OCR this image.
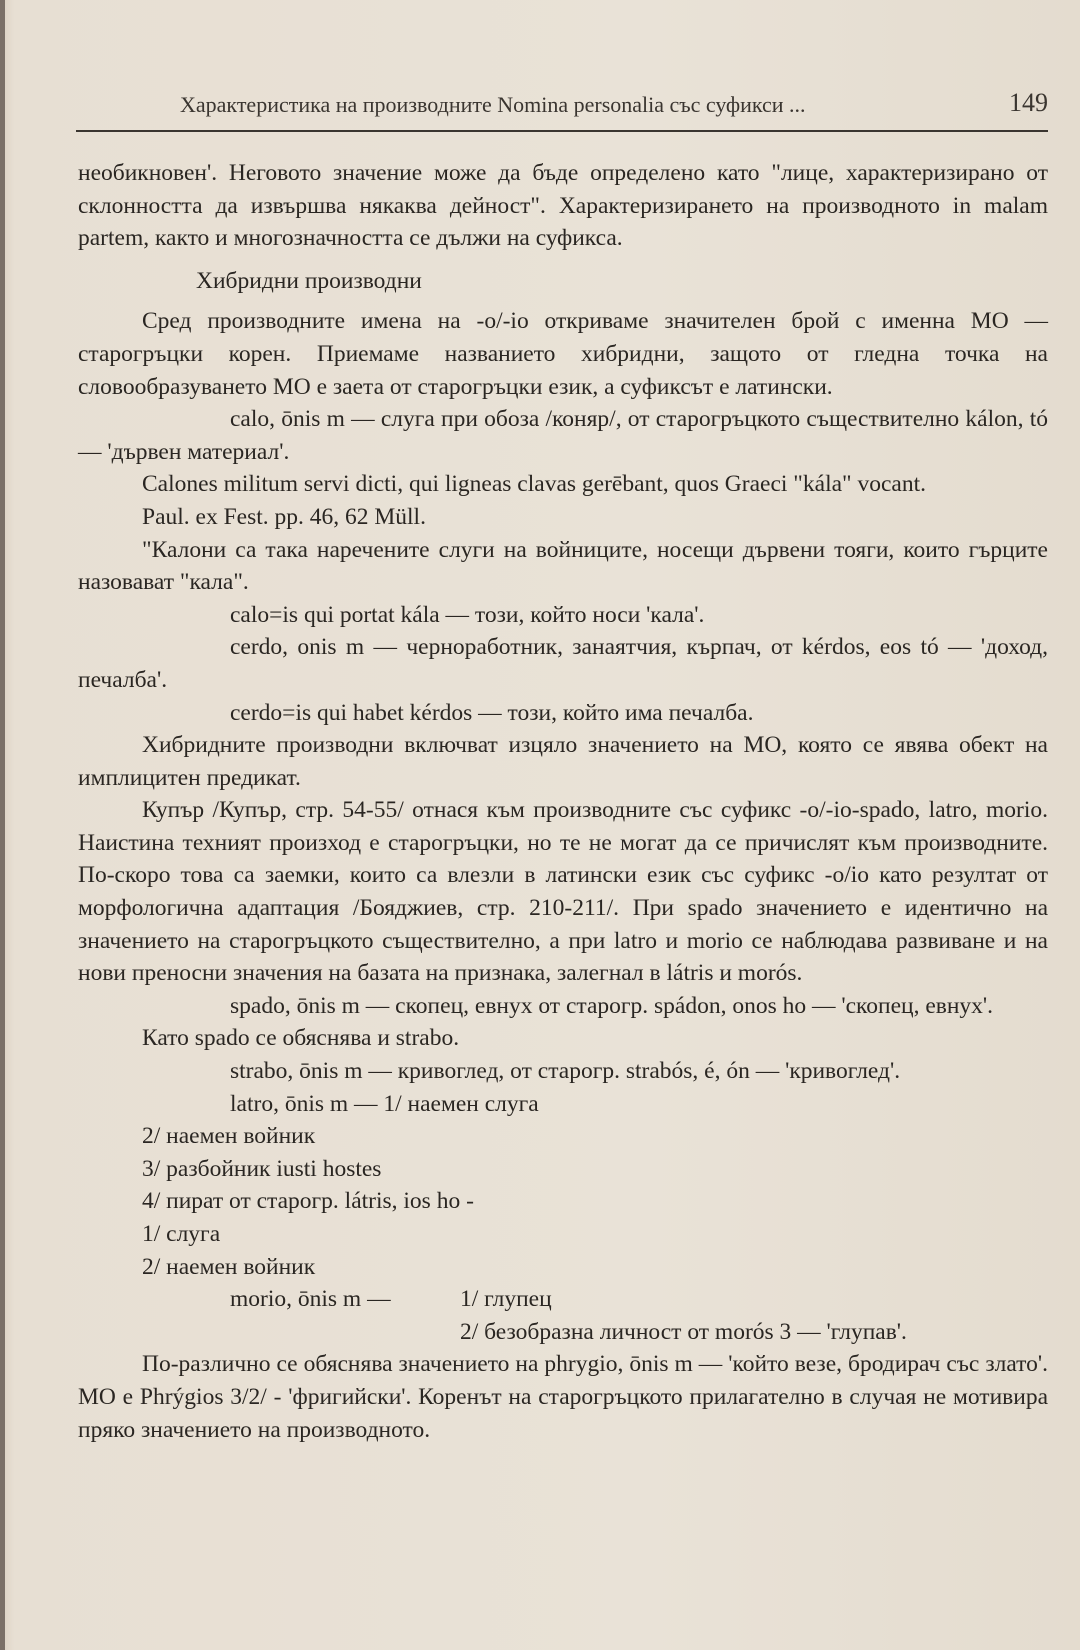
Характеристика на производните Nomina personalia със суфикси ...	149

необикновен'. Неговото значение може да бъде определено като "лице, характеризирано от склонността да извършва някаква дейност". Характеризирането на производното in malam partem, както и многозначността се дължи на суфикса.

Хибридни производни

Сред производните имена на -o/-io откриваме значителен брой с именна МО — старогръцки корен. Приемаме названието хибридни, защото от гледна точка на словообразуването МО е заета от старогръцки език, а суфиксът е латински.

calo, ōnis m — слуга при обоза /коняр/, от старогръцкото съществително kálon, tó — 'дървен материал'.

Calones militum servi dicti, qui ligneas clavas gerēbant, quos Graeci "kála" vocant.

Paul. ex Fest. pp. 46, 62 Müll.

"Калони са така наречените слуги на войниците, носещи дървени тояги, които гърците назовават "кала".

calo=is qui portat kála — този, който носи 'кала'.

cerdo, onis m — черноработник, занаятчия, кърпач, от kérdos, eos tó — 'доход, печалба'.

cerdo=is qui habet kérdos — този, който има печалба.

Хибридните производни включват изцяло значението на МО, която се явява обект на имплицитен предикат.

Купър /Купър, стр. 54-55/ отнася към производните със суфикс -o/-io-spado, latro, morio. Наистина техният произход е старогръцки, но те не могат да се причислят към производните. По-скоро това са заемки, които са влезли в латински език със суфикс -o/io като резултат от морфологична адаптация /Бояджиев, стр. 210-211/. При spado значението е идентично на значението на старогръцкото съществително, а при latro и morio се наблюдава развиване и на нови преносни значения на базата на признака, залегнал в látris и morós.

spado, ōnis m — скопец, евнух от старогр. spádon, onos ho — 'скопец, евнух'.

Като spado се обяснява и strabo.

strabo, ōnis m — кривоглед, от старогр. strabós, é, ón — 'кривоглед'.

latro, ōnis m — 1/ наемен слуга

2/ наемен войник

3/ разбойник iusti hostes

4/ пират от старогр. látris, ios ho -

1/ слуга

2/ наемен войник

morio, ōnis m —	1/ глупец

2/ безобразна личност от morós 3 — 'глупав'.

По-различно се обяснява значението на phrygio, ōnis m — 'който везе, бродирач със злато'. МО е Phrýgios 3/2/ - 'фригийски'. Коренът на старогръцкото прилагателно в случая не мотивира пряко значението на производното.
